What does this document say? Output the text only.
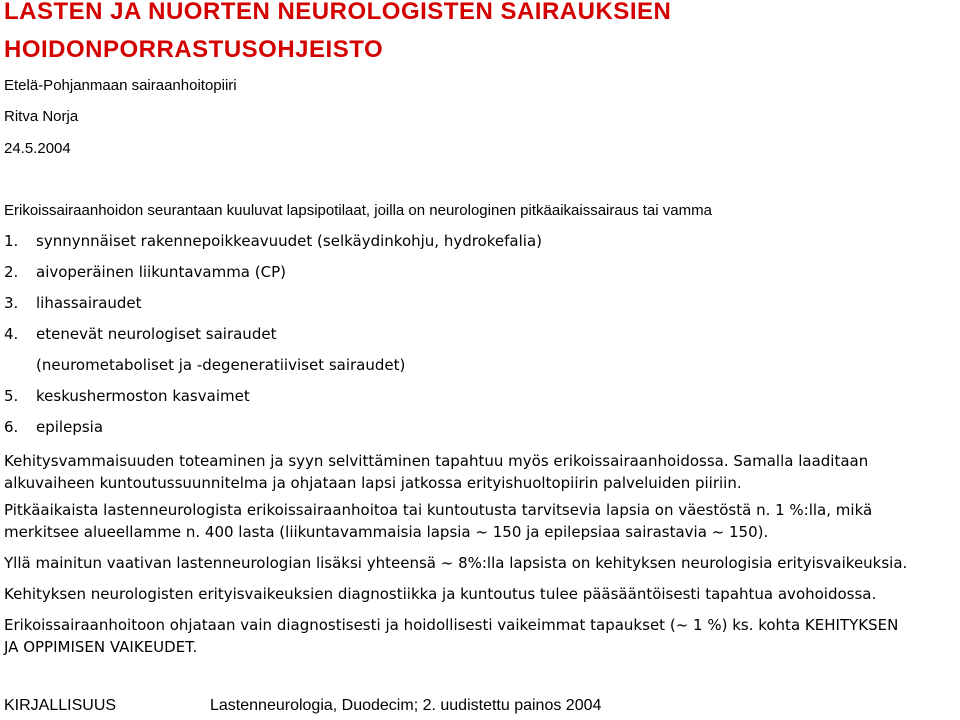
LASTEN JA NUORTEN NEUROLOGISTEN SAIRAUKSIEN
HOIDONPORRASTUSOHJEISTO

Etelä-Pohjanmaan sairaanhoitopiiri

Ritva Norja

24.5.2004

Erikoissairaanhoidon seurantaan kuuluvat lapsipotilaat, joilla on neurologinen pitkäaikaissairaus tai vamma

1. synnynnäiset rakennepoikkeavuudet (selkäydinkohju, hydrokefalia)

2. aivoperäinen liikuntavamma (CP)

3. lihassairaudet

4. etenevät neurologiset sairaudet

(neurometaboliset ja -degeneratiiviset sairaudet)

5. keskushermoston kasvaimet

6. epilepsia

Kehitysvammaisuuden toteaminen ja syyn selvittäminen tapahtuu myös erikoissairaanhoidossa. Samalla laaditaan
alkuvaiheen kuntoutussuunnitelma ja ohjataan lapsi jatkossa erityishuoltopiirin palveluiden piiriin.
Pitkäaikaista lastenneurologista erikoissairaanhoitoa tai kuntoutusta tarvitsevia lapsia on väestöstä n. 1 %:lla, mikä
merkitsee alueellamme n. 400 lasta (liikuntavammaisia lapsia ~ 150 ja epilepsiaa sairastavia ~ 150).
Yllä mainitun vaativan lastenneurologian lisäksi yhteensä ~ 8%:lla lapsista on kehityksen neurologisia erityisvaikeuksia.
Kehityksen neurologisten erityisvaikeuksien diagnostiikka ja kuntoutus tulee pääsääntöisesti tapahtua avohoidossa.
Erikoissairaanhoitoon ohjataan vain diagnostisesti ja hoidollisesti vaikeimmat tapaukset (~ 1 %) ks. kohta KEHITYKSEN
JA OPPIMISEN VAIKEUDET.

KIRJALLISUUS	Lastenneurologia, Duodecim; 2. uudistettu painos 2004
